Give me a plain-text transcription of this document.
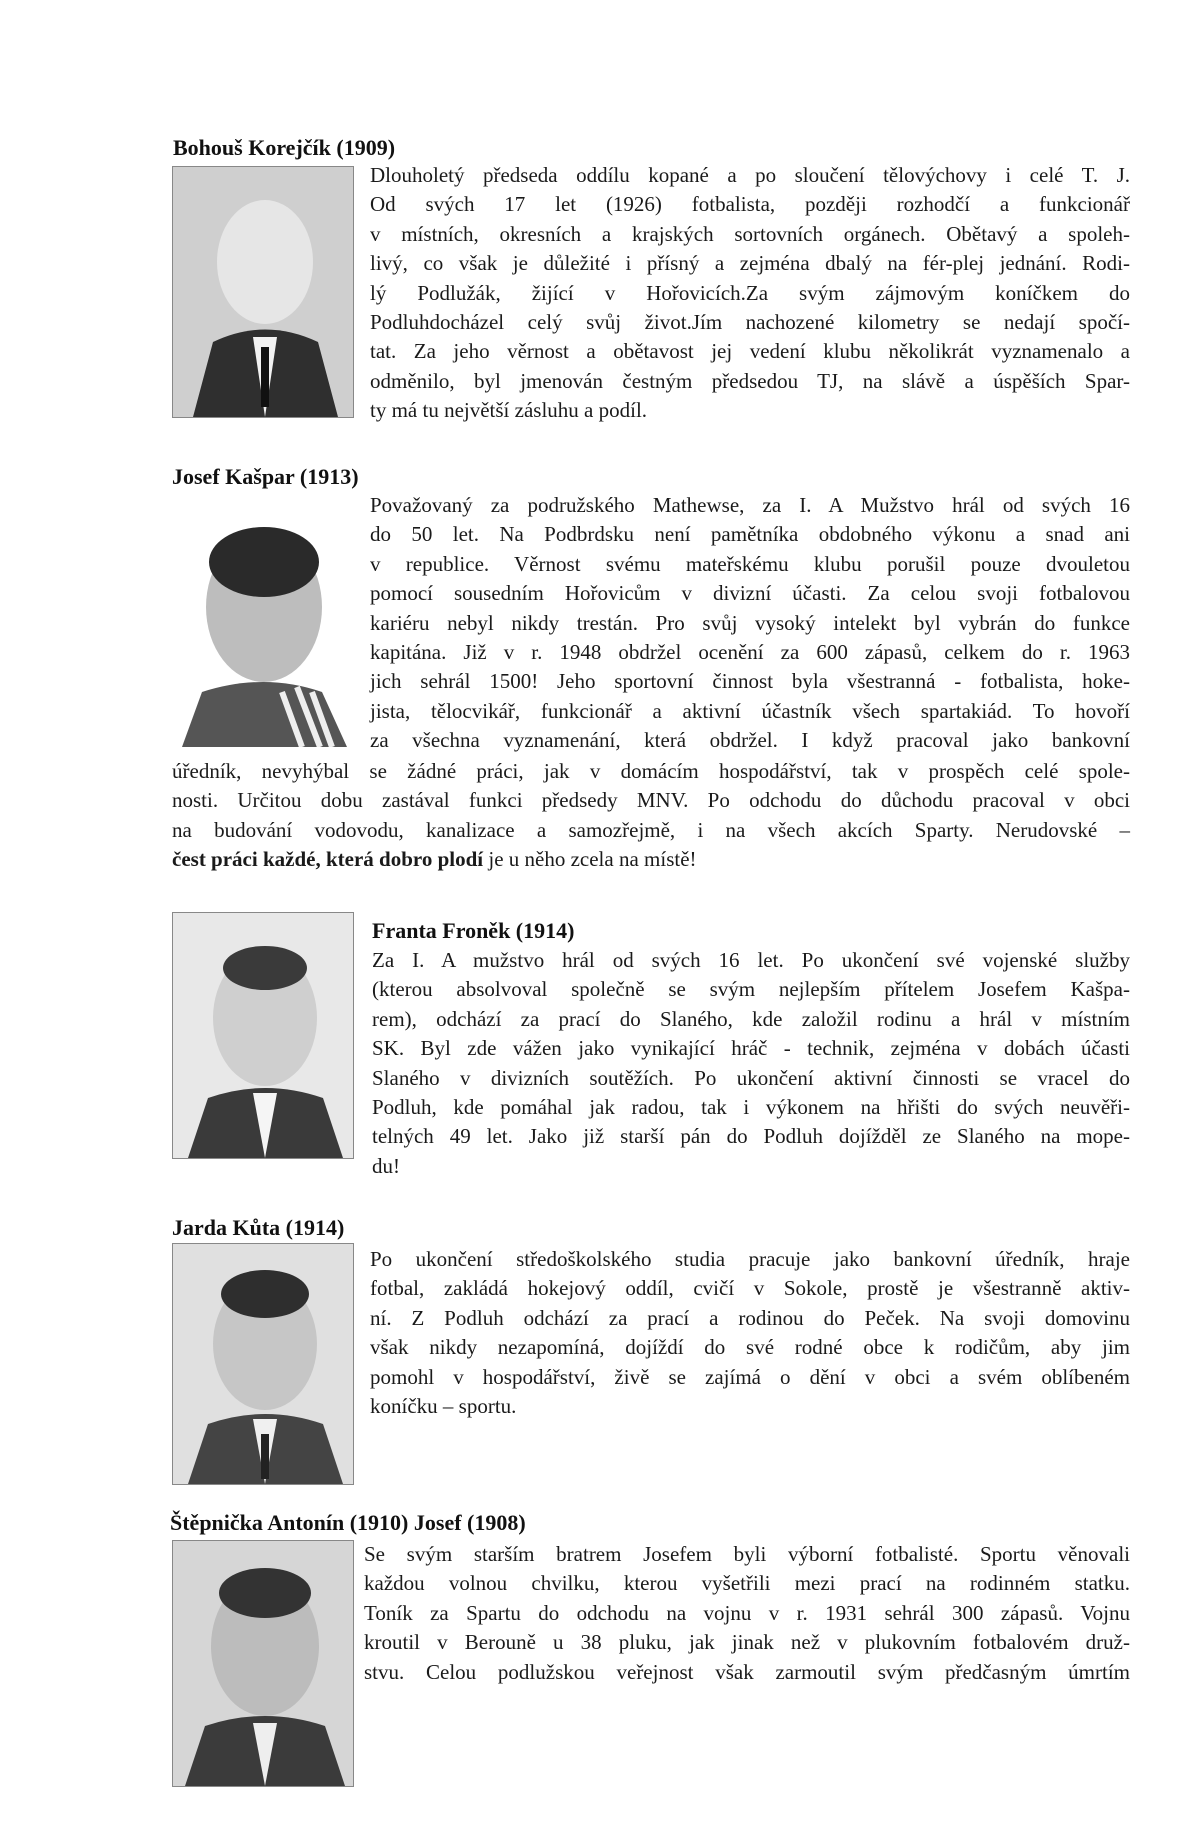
Bohouš Korejčík (1909)
Dlouholetý předseda oddílu kopané a po sloučení tělovýchovy i celé T. J.
Od svých 17 let (1926) fotbalista, později rozhodčí a funkcionář
v místních, okresních a krajských sortovních orgánech. Obětavý a spoleh-
livý, co však je důležité i přísný a zejména dbalý na fér-plej jednání. Rodi-
lý Podlužák, žijící v Hořovicích.Za svým zájmovým koníčkem do
Podluhdocházel celý svůj život.Jím nachozené kilometry se nedají spočí-
tat. Za jeho věrnost a obětavost jej vedení klubu několikrát vyznamenalo a
odměnilo, byl jmenován čestným předsedou TJ, na slávě a úspěších Spar-
ty má tu největší zásluhu a podíl.
Josef Kašpar (1913)
Považovaný za podružského Mathewse, za I. A Mužstvo hrál od svých 16
do 50 let. Na Podbrdsku není pamětníka obdobného výkonu a snad ani
v republice. Věrnost svému mateřskému klubu porušil pouze dvouletou
pomocí sousedním Hořovicům v divizní účasti. Za celou svoji fotbalovou
kariéru nebyl nikdy trestán. Pro svůj vysoký intelekt byl vybrán do funkce
kapitána. Již v r. 1948 obdržel ocenění za 600 zápasů, celkem do r. 1963
jich sehrál 1500! Jeho sportovní činnost byla všestranná - fotbalista, hoke-
jista, tělocvikář, funkcionář a aktivní účastník všech spartakiád. To hovoří
za všechna vyznamenání, která obdržel. I když pracoval jako bankovní
úředník, nevyhýbal se žádné práci, jak v domácím hospodářství, tak v prospěch celé spole-
nosti. Určitou dobu zastával funkci předsedy MNV. Po odchodu do důchodu pracoval v obci
na budování vodovodu, kanalizace a samozřejmě, i na všech akcích Sparty. Nerudovské –
čest práci každé, která dobro plodí je u něho zcela na místě!
Franta Froněk (1914)
Za I. A mužstvo hrál od svých 16 let. Po ukončení své vojenské služby
(kterou absolvoval společně se svým nejlepším přítelem Josefem Kašpa-
rem), odchází za prací do Slaného, kde založil rodinu a hrál v místním
SK. Byl zde vážen jako vynikající hráč - technik, zejména v dobách účasti
Slaného v divizních soutěžích. Po ukončení aktivní činnosti se vracel do
Podluh, kde pomáhal jak radou, tak i výkonem na hřišti do svých neuvěři-
telných 49 let. Jako již starší pán do Podluh dojížděl ze Slaného na mope-
du!
Jarda Kůta (1914)
Po ukončení středoškolského studia pracuje jako bankovní úředník, hraje
fotbal, zakládá hokejový oddíl, cvičí v Sokole, prostě je všestranně aktiv-
ní. Z Podluh odchází za prací a rodinou do Peček. Na svoji domovinu
však nikdy nezapomíná, dojíždí do své rodné obce k rodičům, aby jim
pomohl v hospodářství, živě se zajímá o dění v obci a svém oblíbeném
koníčku – sportu.
Štěpnička Antonín (1910) Josef (1908)
Se svým starším bratrem Josefem byli výborní fotbalisté. Sportu věnovali
každou volnou chvilku, kterou vyšetřili mezi prací na rodinném statku.
Toník za Spartu do odchodu na vojnu v r. 1931 sehrál 300 zápasů. Vojnu
kroutil v Berouně u 38 pluku, jak jinak než v plukovním fotbalovém druž-
stvu. Celou podlužskou veřejnost však zarmoutil svým předčasným úmrtím
